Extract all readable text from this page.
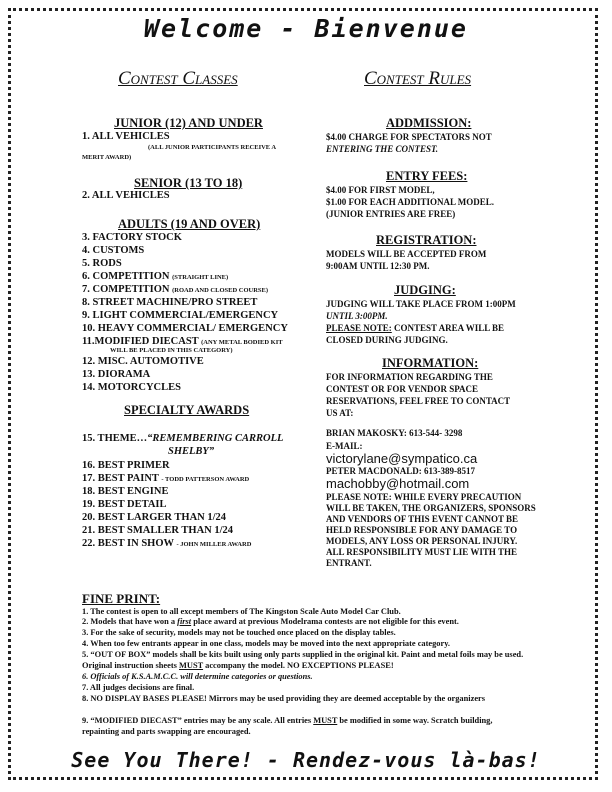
Welcome - Bienvenue
Contest Classes
JUNIOR (12) AND UNDER
1. ALL VEHICLES
(ALL JUNIOR PARTICIPANTS RECEIVE A
MERIT AWARD)
SENIOR (13 TO 18)
2. ALL VEHICLES
ADULTS (19 AND OVER)
3. FACTORY STOCK
4. CUSTOMS
5. RODS
6. COMPETITION (STRAIGHT LINE)
7. COMPETITION (ROAD AND CLOSED COURSE)
8. STREET MACHINE/PRO STREET
9. LIGHT COMMERCIAL/EMERGENCY
10. HEAVY COMMERCIAL/ EMERGENCY
11.MODIFIED DIECAST (ANY METAL BODIED KIT
WILL BE PLACED IN THIS CATEGORY)
12. MISC. AUTOMOTIVE
13. DIORAMA
14. MOTORCYCLES
SPECIALTY AWARDS
15. THEME…“REMEMBERING CARROLL
SHELBY”
16. BEST PRIMER
17. BEST PAINT - TODD PATTERSON AWARD
18. BEST ENGINE
19. BEST DETAIL
20. BEST LARGER THAN 1/24
21. BEST SMALLER THAN 1/24
22. BEST IN SHOW - JOHN MILLER AWARD
Contest Rules
ADDMISSION:
$4.00 CHARGE FOR SPECTATORS NOT
ENTERING THE CONTEST.
ENTRY FEES:
$4.00 FOR FIRST MODEL,
$1.00 FOR EACH ADDITIONAL MODEL.
(JUNIOR ENTRIES ARE FREE)
REGISTRATION:
MODELS WILL BE ACCEPTED FROM
9:00AM UNTIL 12:30 PM.
JUDGING:
JUDGING WILL TAKE PLACE FROM 1:00PM
UNTIL 3:00PM.
PLEASE NOTE: CONTEST AREA WILL BE
CLOSED DURING JUDGING.
INFORMATION:
FOR INFORMATION REGARDING THE
CONTEST OR FOR VENDOR SPACE
RESERVATIONS, FEEL FREE TO CONTACT
US AT:
BRIAN MAKOSKY: 613-544- 3298
E-MAIL:
victorylane@sympatico.ca
PETER MACDONALD: 613-389-8517
machobby@hotmail.com
PLEASE NOTE: WHILE EVERY PRECAUTION
WILL BE TAKEN, THE ORGANIZERS, SPONSORS
AND VENDORS OF THIS EVENT CANNOT BE
HELD RESPONSIBLE FOR ANY DAMAGE TO
MODELS, ANY LOSS OR PERSONAL INJURY.
ALL RESPONSIBILITY MUST LIE WITH THE
ENTRANT.
FINE PRINT:
1. The contest is open to all except members of The Kingston Scale Auto Model Car Club.
2. Models that have won a first place award at previous Modelrama contests are not eligible for this event.
3. For the sake of security, models may not be touched once placed on the display tables.
4. When too few entrants appear in one class, models may be moved into the next appropriate category.
5. “OUT OF BOX” models shall be kits built using only parts supplied in the original kit. Paint and metal foils may be used. Original instruction sheets MUST accompany the model. NO EXCEPTIONS PLEASE!
6. Officials of K.S.A.M.C.C. will determine categories or questions.
7. All judges decisions are final.
8. NO DISPLAY BASES PLEASE! Mirrors may be used providing they are deemed acceptable by the organizers
9. “MODIFIED DIECAST” entries may be any scale. All entries MUST be modified in some way. Scratch building, repainting and parts swapping are encouraged.
See You There! - Rendez-vous là-bas!
